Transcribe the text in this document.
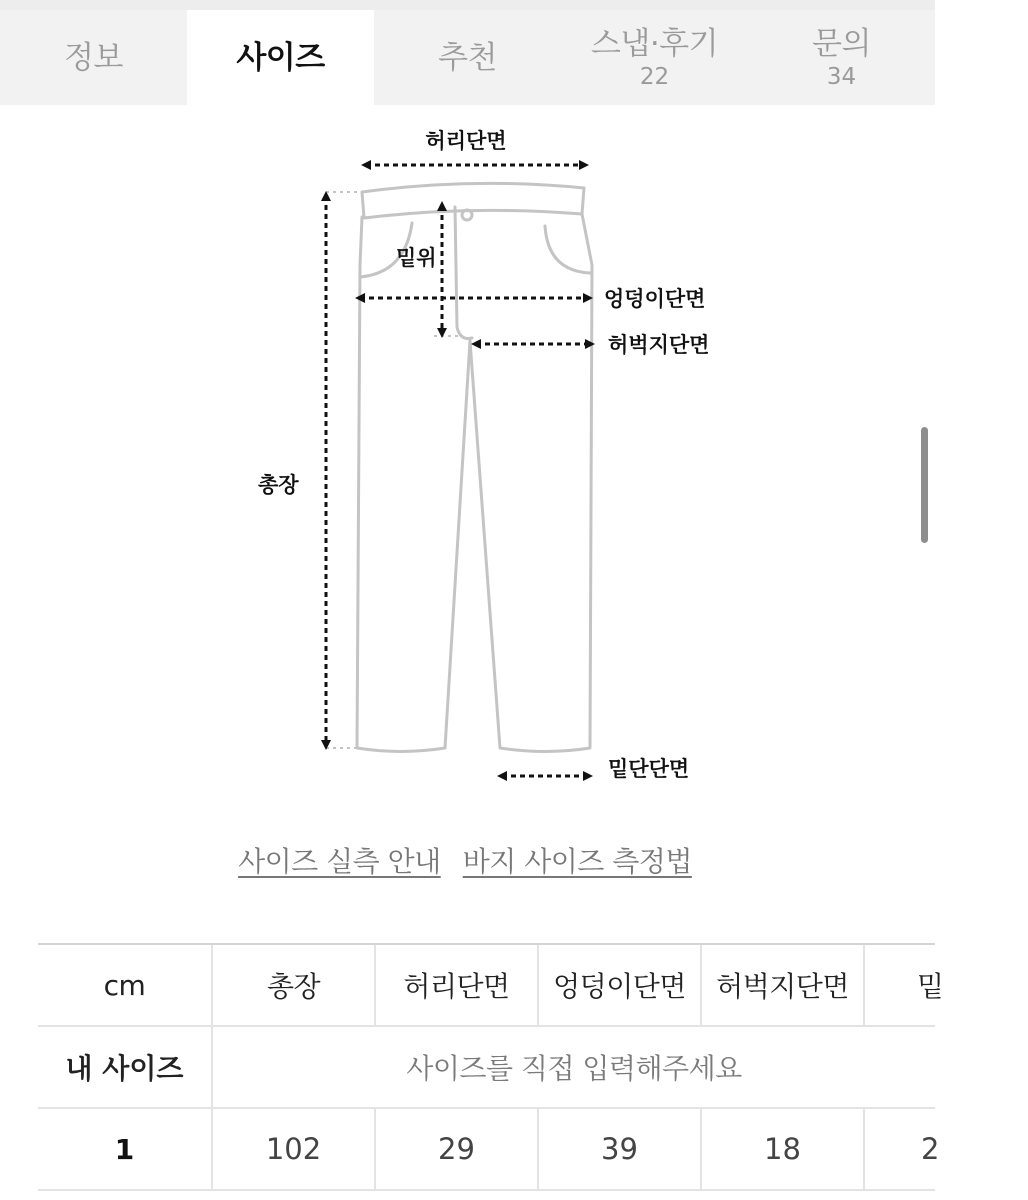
정보	사이즈	추천	스냅·후기
22
문의
34
허리단면
밑위
엉덩이단면
허벅지단면
총장
밑단단면
사이즈 실측 안내 바지 사이즈 측정법
cm	총장	허리단면	엉덩이단면	허벅지단면	밑
내 사이즈	사이즈를 직접 입력해주세요
1	102	29	39	18	2
